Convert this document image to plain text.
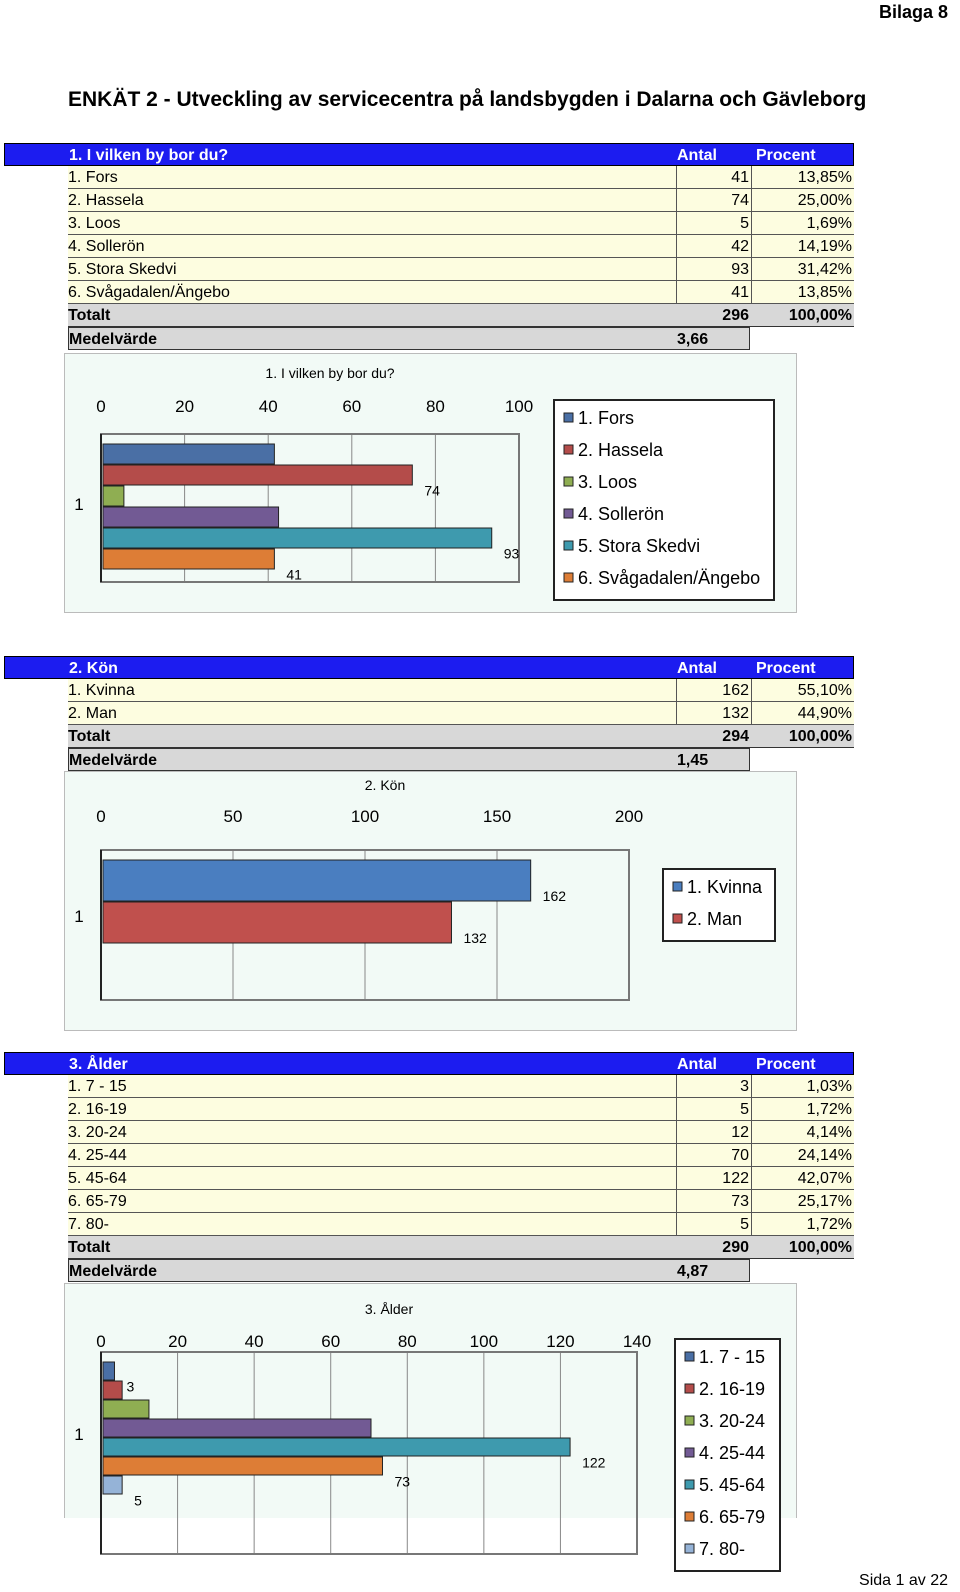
Bilaga 8
ENKÄT 2 - Utveckling av servicecentra på landsbygden i Dalarna och Gävleborg
1. I vilken by bor du?	Antal Procent
1. Fors	41	13,85%
2. Hassela	74	25,00%
3. Loos	5	1,69%
4. Sollerön	42	14,19%
5. Stora Skedvi	93	31,42%
6. Svågadalen/Ängebo	41	13,85%
Totalt	296	100,00%
Medelvärde	3,66
1. I vilken by bor du?
0	20	40	60	80	100
1
74
93
41
1. Fors
2. Hassela
3. Loos
4. Sollerön
5. Stora Skedvi
6. Svågadalen/Ängebo
2. Kön	Antal Procent
1. Kvinna	162	55,10%
2. Man	132	44,90%
Totalt	294	100,00%
Medelvärde	1,45
2. Kön
0	50	100	150	200
1
162
132
1. Kvinna
2. Man
3. Ålder	Antal Procent
1. 7 - 15	3	1,03%
2. 16-19	5	1,72%
3. 20-24	12	4,14%
4. 25-44	70	24,14%
5. 45-64	122	42,07%
6. 65-79	73	25,17%
7. 80-	5	1,72%
Totalt	290	100,00%
Medelvärde	4,87
3. Ålder
0	20	40	60	80	100	120	140
1
3
122
73
5
1. 7 - 15
2. 16-19
3. 20-24
4. 25-44
5. 45-64
6. 65-79
7. 80-
Sida 1 av 22
